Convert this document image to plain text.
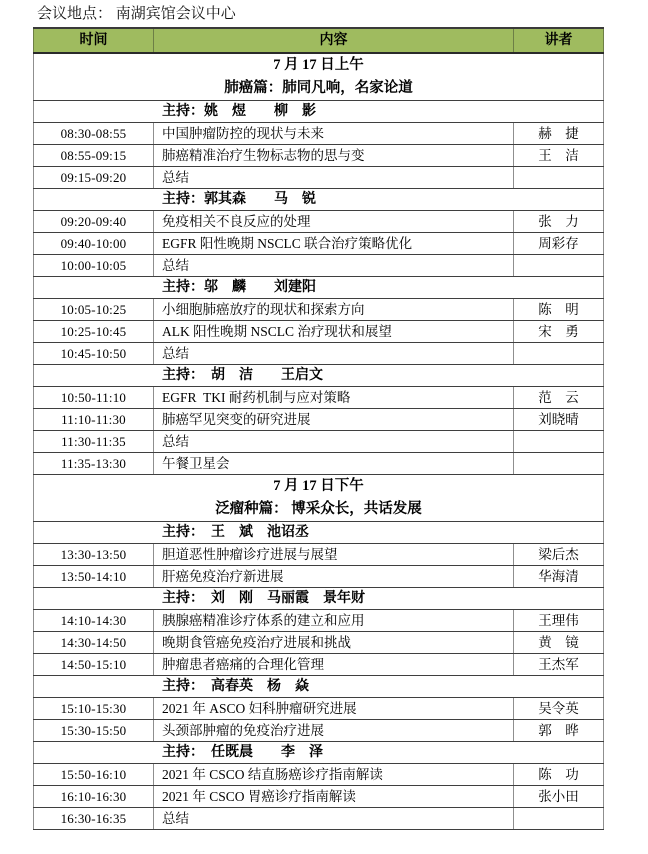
会议地点： 南湖宾馆会议中心
时间	内容	讲者

7 月 17 日上午
肺癌篇：肺同凡响，名家论道		

主持：姚　煜　　柳　影		
08:30-08:55	中国肿瘤防控的现状与未来	赫　捷
08:55-09:15	肺癌精准治疗生物标志物的思与变	王　洁
09:15-09:20	总结	
主持：郭其森　　马　锐		
09:20-09:40	免疫相关不良反应的处理	张　力
09:40-10:00	EGFR 阳性晚期 NSCLC 联合治疗策略优化	周彩存
10:00-10:05	总结	
主持：邬　麟　　刘建阳		
10:05-10:25	小细胞肺癌放疗的现状和探索方向	陈　明
10:25-10:45	ALK 阳性晚期 NSCLC 治疗现状和展望	宋　勇
10:45-10:50	总结	
主持：　胡　洁　　王启文		
10:50-11:10	EGFR  TKI 耐药机制与应对策略	范　云
11:10-11:30	肺癌罕见突变的研究进展	刘晓晴
11:30-11:35	总结	
11:35-13:30	午餐卫星会	

7 月 17 日下午
泛瘤种篇： 博采众长，共话发展		

主持：　王　斌　池诏丞		
13:30-13:50	胆道恶性肿瘤诊疗进展与展望	梁后杰
13:50-14:10	肝癌免疫治疗新进展	华海清
主持：　刘　刚　马丽霞　景年财		
14:10-14:30	胰腺癌精准诊疗体系的建立和应用	王理伟
14:30-14:50	晚期食管癌免疫治疗进展和挑战	黄　镜
14:50-15:10	肿瘤患者癌痛的合理化管理	王杰军
主持：　高春英　杨　焱		
15:10-15:30	2021 年 ASCO 妇科肿瘤研究进展	吴令英
15:30-15:50	头颈部肿瘤的免疫治疗进展	郭　晔
主持：　任既晨　　李　泽		
15:50-16:10	2021 年 CSCO 结直肠癌诊疗指南解读	陈　功
16:10-16:30	2021 年 CSCO 胃癌诊疗指南解读	张小田
16:30-16:35	总结	
